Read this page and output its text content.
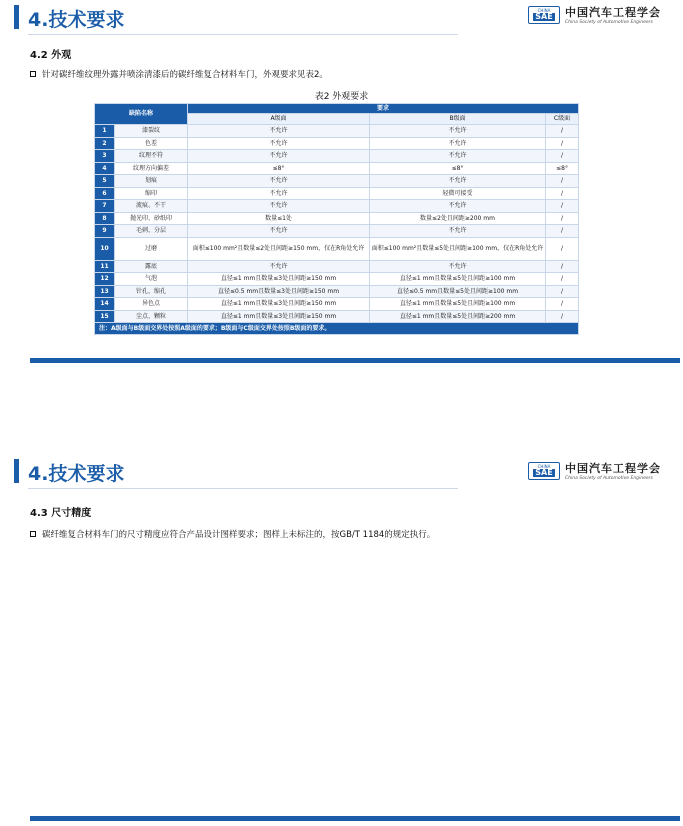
4.技术要求	CHINA
SAE 中国汽车工程学会
China Society of Automotive Engineers
4.2 外观
针对碳纤维纹理外露并喷涂清漆后的碳纤维复合材料车门，外观要求见表2。
表2 外观要求
缺陷名称		要求		
		A级面	B级面	C级面
1	漆裂纹	不允许	不允许	/
2	色差	不允许	不允许	/
3	纹理不符	不允许	不允许	/
4	纹理方向偏差	≤8°	≤8°	≤8°
5	划痕	不允许	不允许	/
6	缩印	不允许	轻微可接受	/
7	流痕、不干	不允许	不允许	/
8	抛光印、砂纸印	数量≤1处	数量≤2处且间距≥200 mm	/
9	毛刺、分层	不允许	不允许	/
10	过磨	面积≤100 mm²且数量≤2处且间距≥150 mm，仅在R角处允许	面积≤100 mm²且数量≤5处且间距≥100 mm，仅在R角处允许	/
11	露底	不允许	不允许	/
12	气泡	直径≤1 mm且数量≤3处且间距≥150 mm	直径≤1 mm且数量≤5处且间距≥100 mm	/
13	针孔、缩孔	直径≤0.5 mm且数量≤3处且间距≥150 mm	直径≤0.5 mm且数量≤5处且间距≥100 mm	/
14	异色点	直径≤1 mm且数量≤3处且间距≥150 mm	直径≤1 mm且数量≤5处且间距≥100 mm	/
15	尘点、颗粒	直径≤1 mm且数量≤3处且间距≥150 mm	直径≤1 mm且数量≤5处且间距≥200 mm	/
注：A级面与B级面交界处按照A级面的要求；B级面与C级面交界处按照B级面的要求。				
4.技术要求	CHINA
SAE 中国汽车工程学会
China Society of Automotive Engineers
4.3 尺寸精度
碳纤维复合材料车门的尺寸精度应符合产品设计图样要求；图样上未标注的，按GB/T 1184的规定执行。
